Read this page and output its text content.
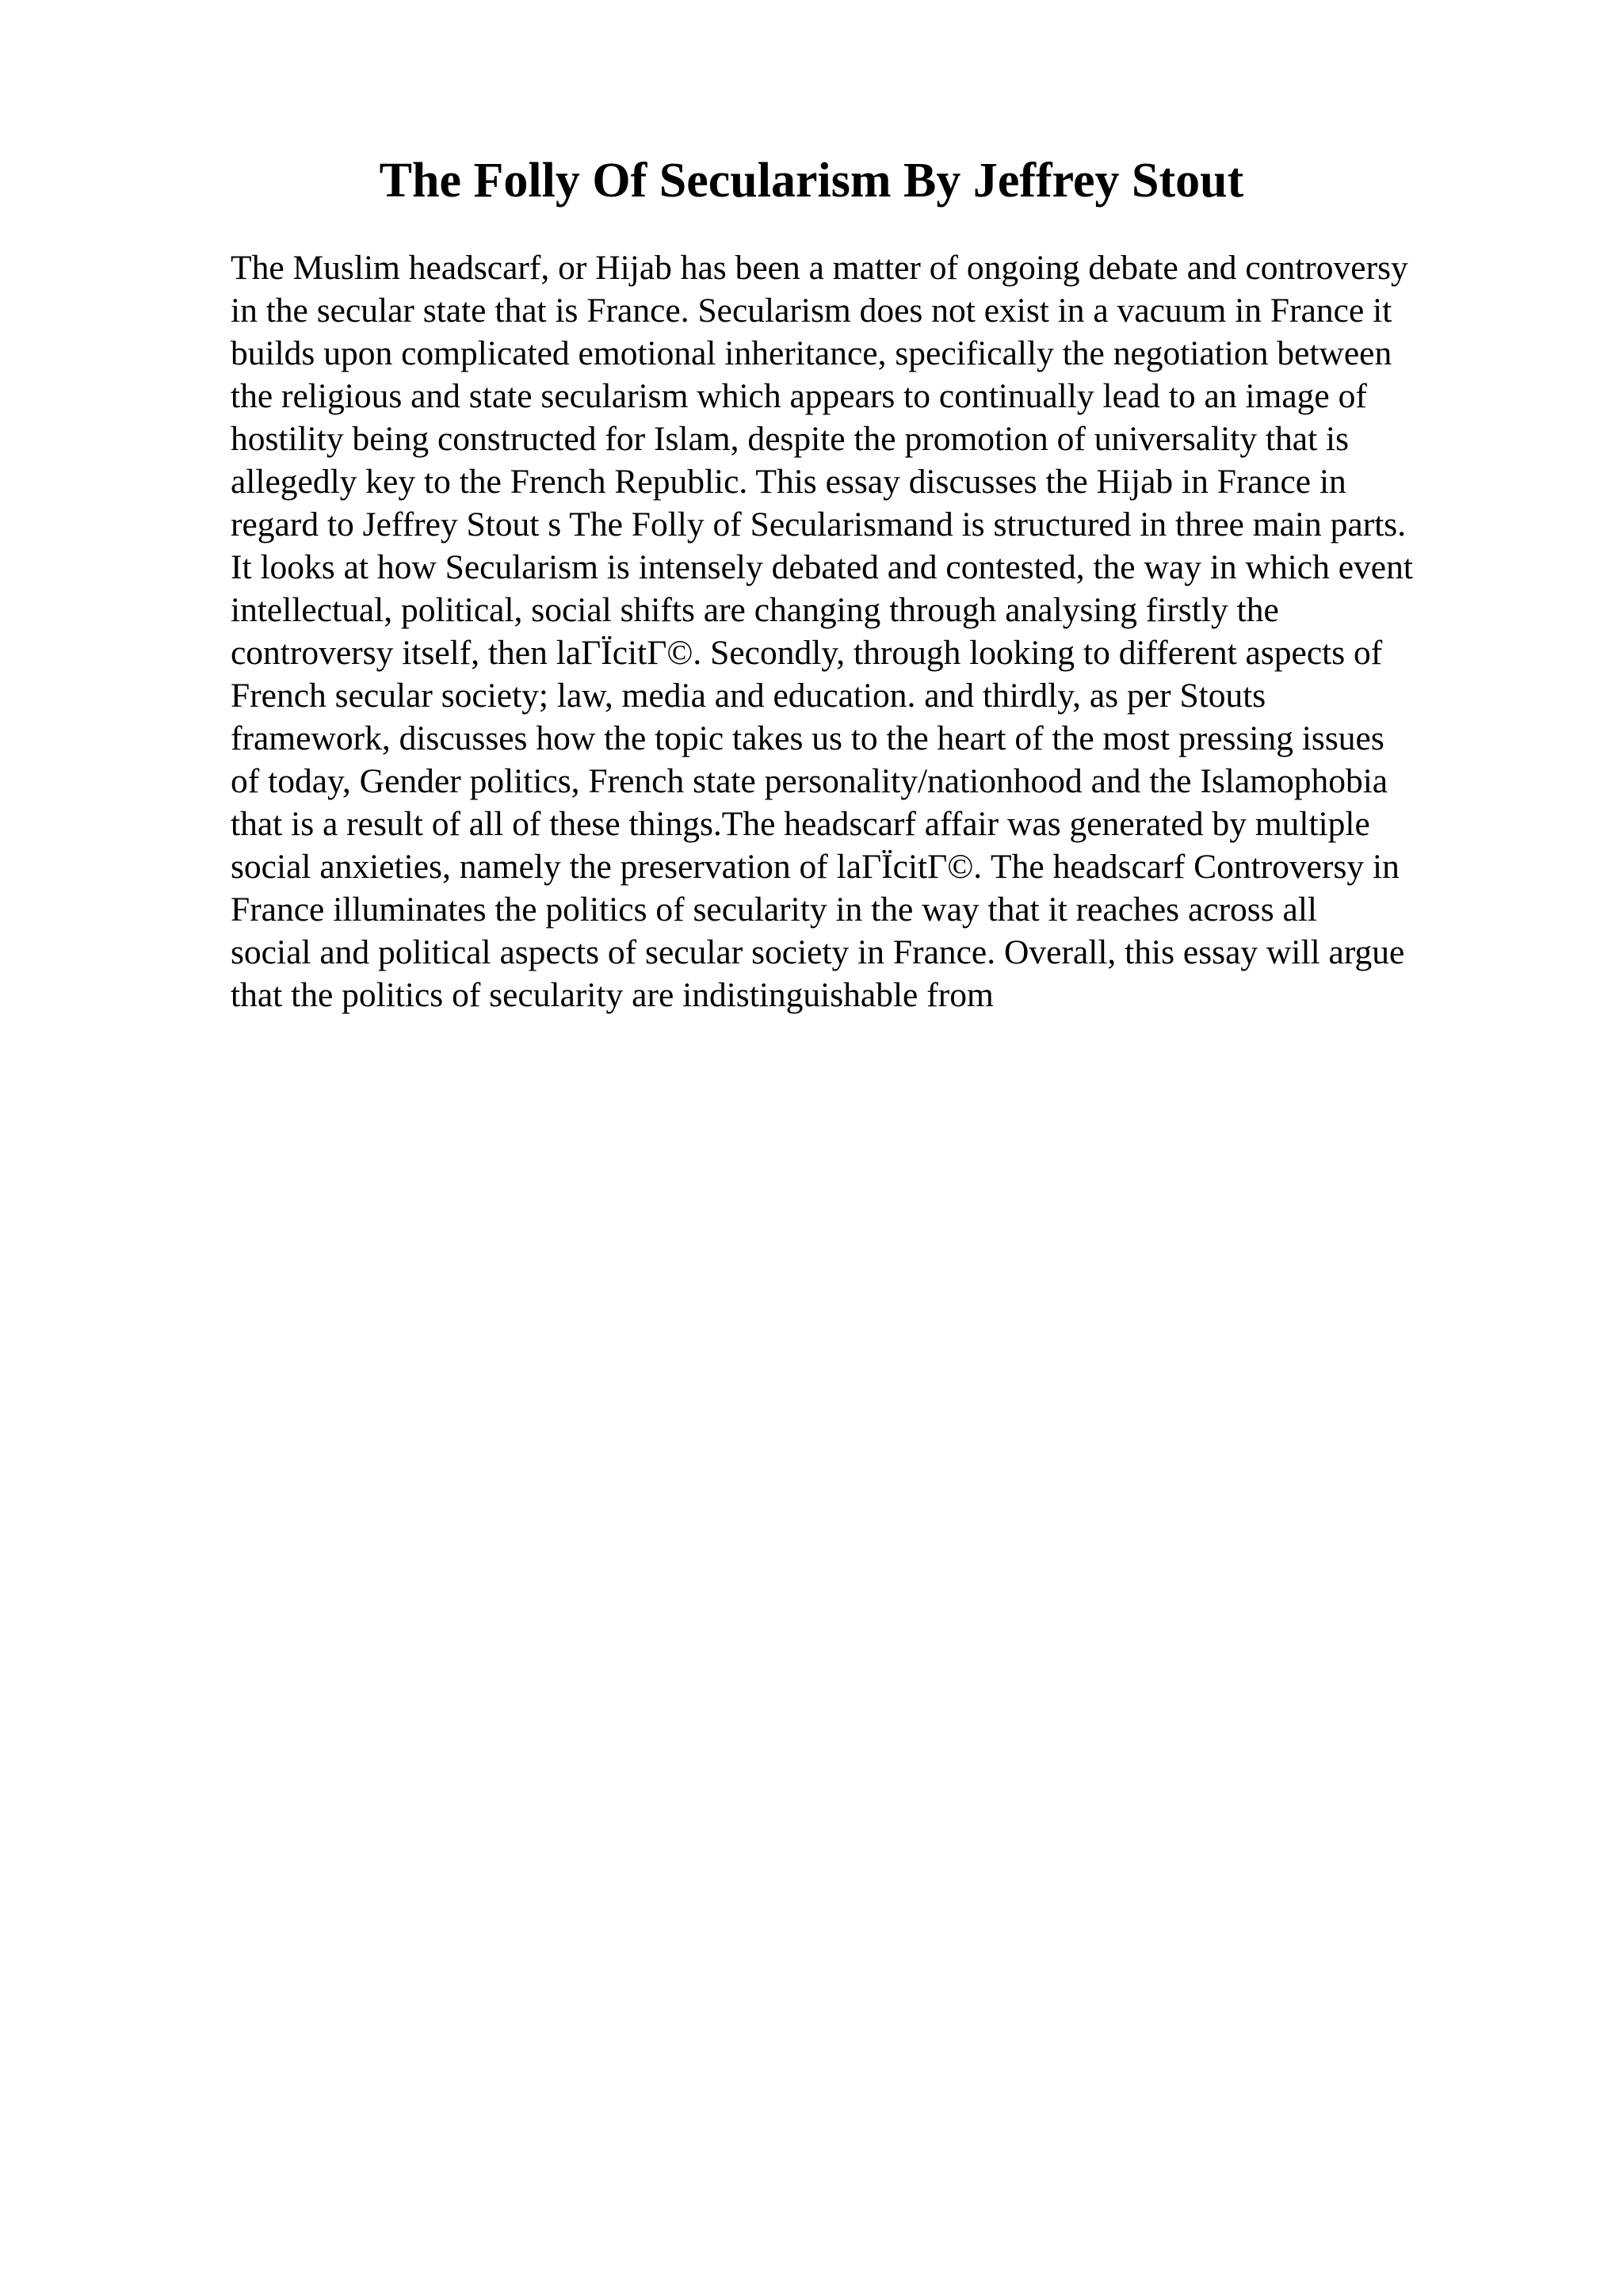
The Folly Of Secularism By Jeffrey Stout
The Muslim headscarf, or Hijab has been a matter of ongoing debate and controversy
in the secular state that is France. Secularism does not exist in a vacuum in France it
builds upon complicated emotional inheritance, specifically the negotiation between
the religious and state secularism which appears to continually lead to an image of
hostility being constructed for Islam, despite the promotion of universality that is
allegedly key to the French Republic. This essay discusses the Hijab in France in
regard to Jeffrey Stout s The Folly of Secularismand is structured in three main parts.
It looks at how Secularism is intensely debated and contested, the way in which event
intellectual, political, social shifts are changing through analysing firstly the
controversy itself, then laГЇcitГ©. Secondly, through looking to different aspects of
French secular society; law, media and education. and thirdly, as per Stouts
framework, discusses how the topic takes us to the heart of the most pressing issues
of today, Gender politics, French state personality/nationhood and the Islamophobia
that is a result of all of these things.The headscarf affair was generated by multiple
social anxieties, namely the preservation of laГЇcitГ©. The headscarf Controversy in
France illuminates the politics of secularity in the way that it reaches across all
social and political aspects of secular society in France. Overall, this essay will argue
that the politics of secularity are indistinguishable from
